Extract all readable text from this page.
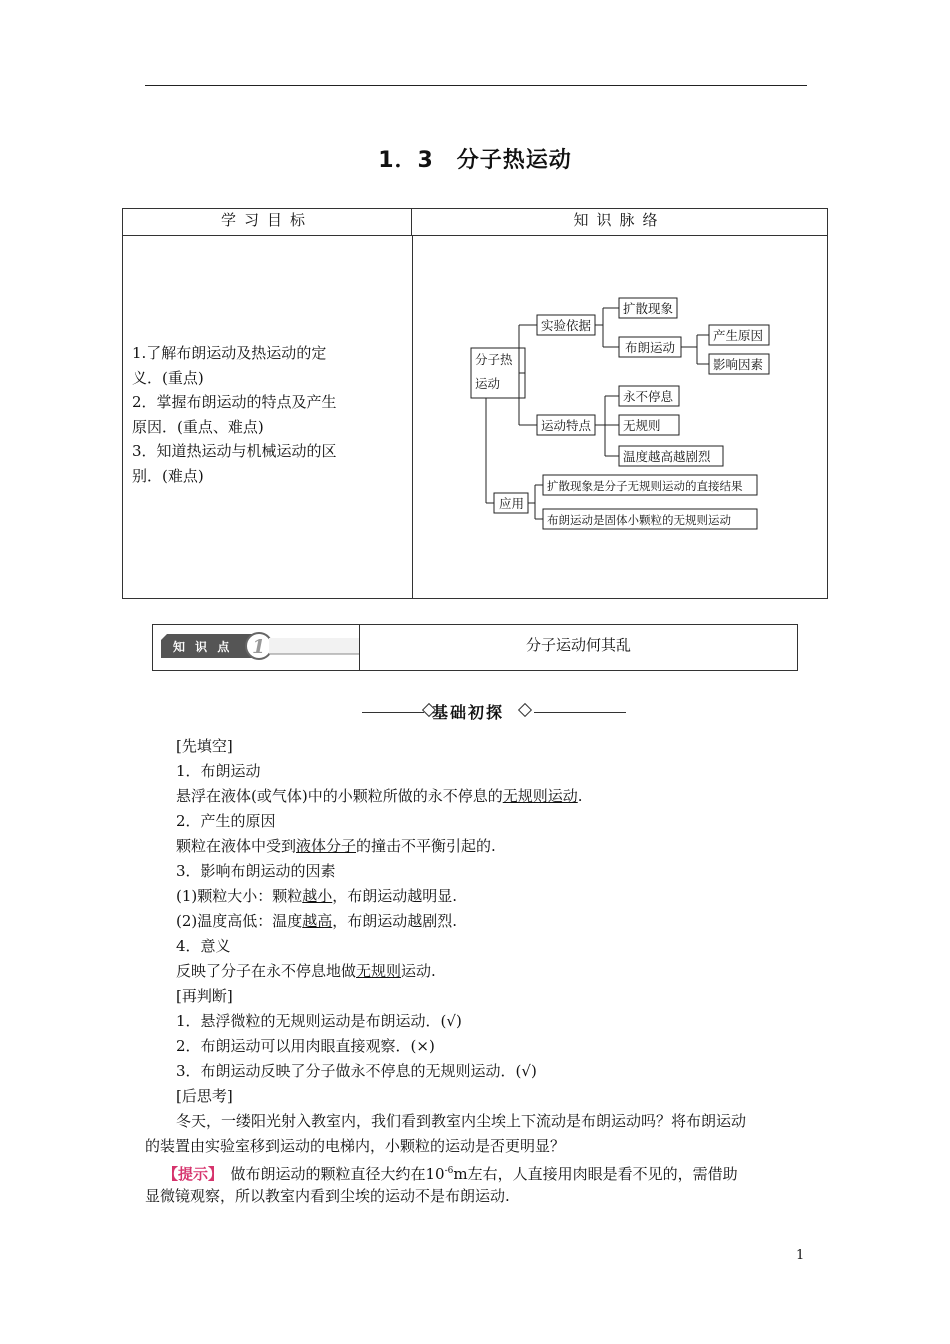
1．3　分子热运动
学习目标	知识脉络
1.了解布朗运动及热运动的定
义．(重点)
2．掌握布朗运动的特点及产生
原因．(重点、难点)
3．知道热运动与机械运动的区
别．(难点)
分子热
运动
实验依据
扩散现象
布朗运动
产生原因
影响因素
运动特点
永不停息
无规则
温度越高越剧烈
应用
扩散现象是分子无规则运动的直接结果
布朗运动是固体小颗粒的无规则运动
知 识 点 1	分子运动何其乱
基础初探
[先填空]
1．布朗运动
悬浮在液体(或气体)中的小颗粒所做的永不停息的无规则运动.
2．产生的原因
颗粒在液体中受到液体分子的撞击不平衡引起的.
3．影响布朗运动的因素
(1)颗粒大小：颗粒越小，布朗运动越明显.
(2)温度高低：温度越高，布朗运动越剧烈.
4．意义
反映了分子在永不停息地做无规则运动.
[再判断]
1．悬浮微粒的无规则运动是布朗运动．(√)
2．布朗运动可以用肉眼直接观察．(×)
3．布朗运动反映了分子做永不停息的无规则运动．(√)
[后思考]
冬天，一缕阳光射入教室内，我们看到教室内尘埃上下流动是布朗运动吗？将布朗运动
的装置由实验室移到运动的电梯内，小颗粒的运动是否更明显？
【提示】　做布朗运动的颗粒直径大约在$10^{-6}m$左右，人直接用肉眼是看不见的，需借助
显微镜观察，所以教室内看到尘埃的运动不是布朗运动.
1
